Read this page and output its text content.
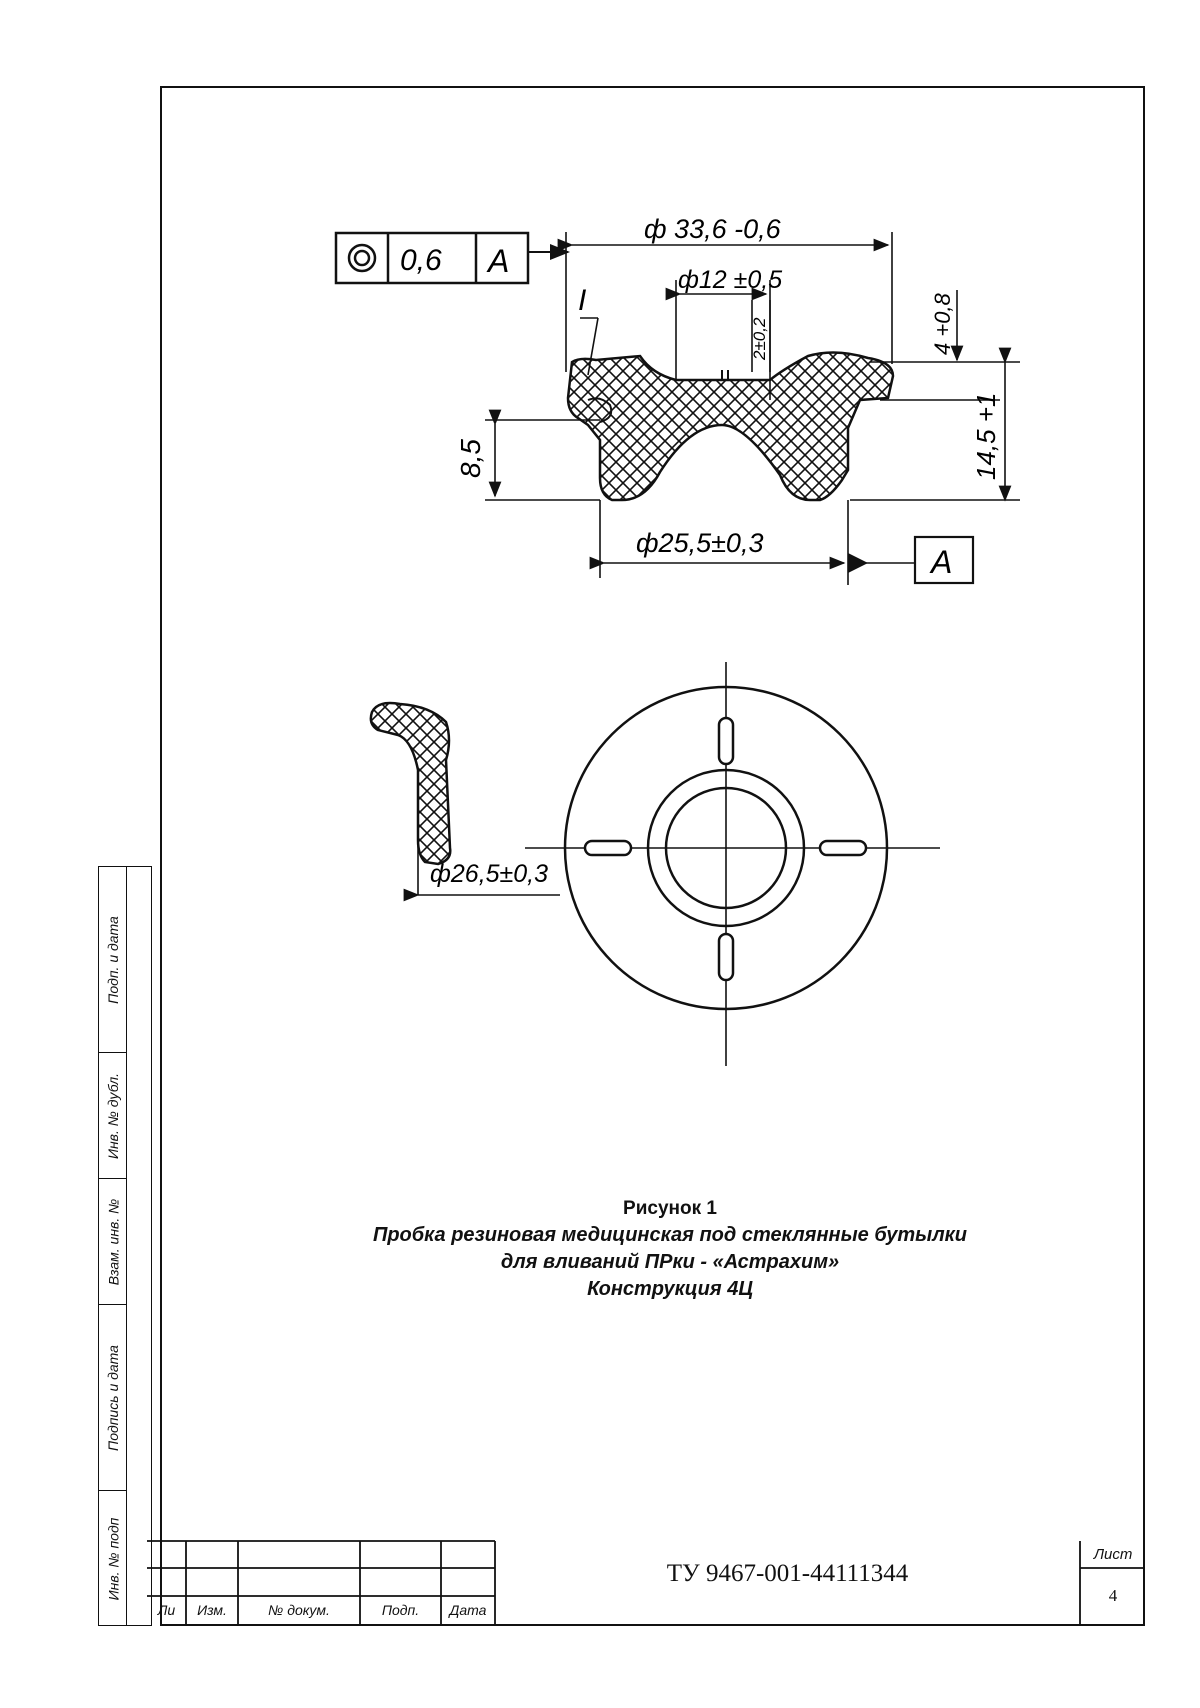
Подп. и дата
Инв. № дубл.
Взам. инв. №
Подпись и дата
Инв. № подп
0,6 A
A
ф 33,6 -0,6
ф12 ±0,5
2±0,2	4 +0,8
14,5 +1
8,5
ф25,5±0,3
I
ф26,5±0,3
Рисунок 1
Пробка резиновая медицинская под стеклянные бутылки
для вливаний ПРки - «Астрахим»
Конструкция 4Ц
Ли	Изм.	№ докум.	Подп.	Дата
ТУ 9467-001-44111344
Лист
4
